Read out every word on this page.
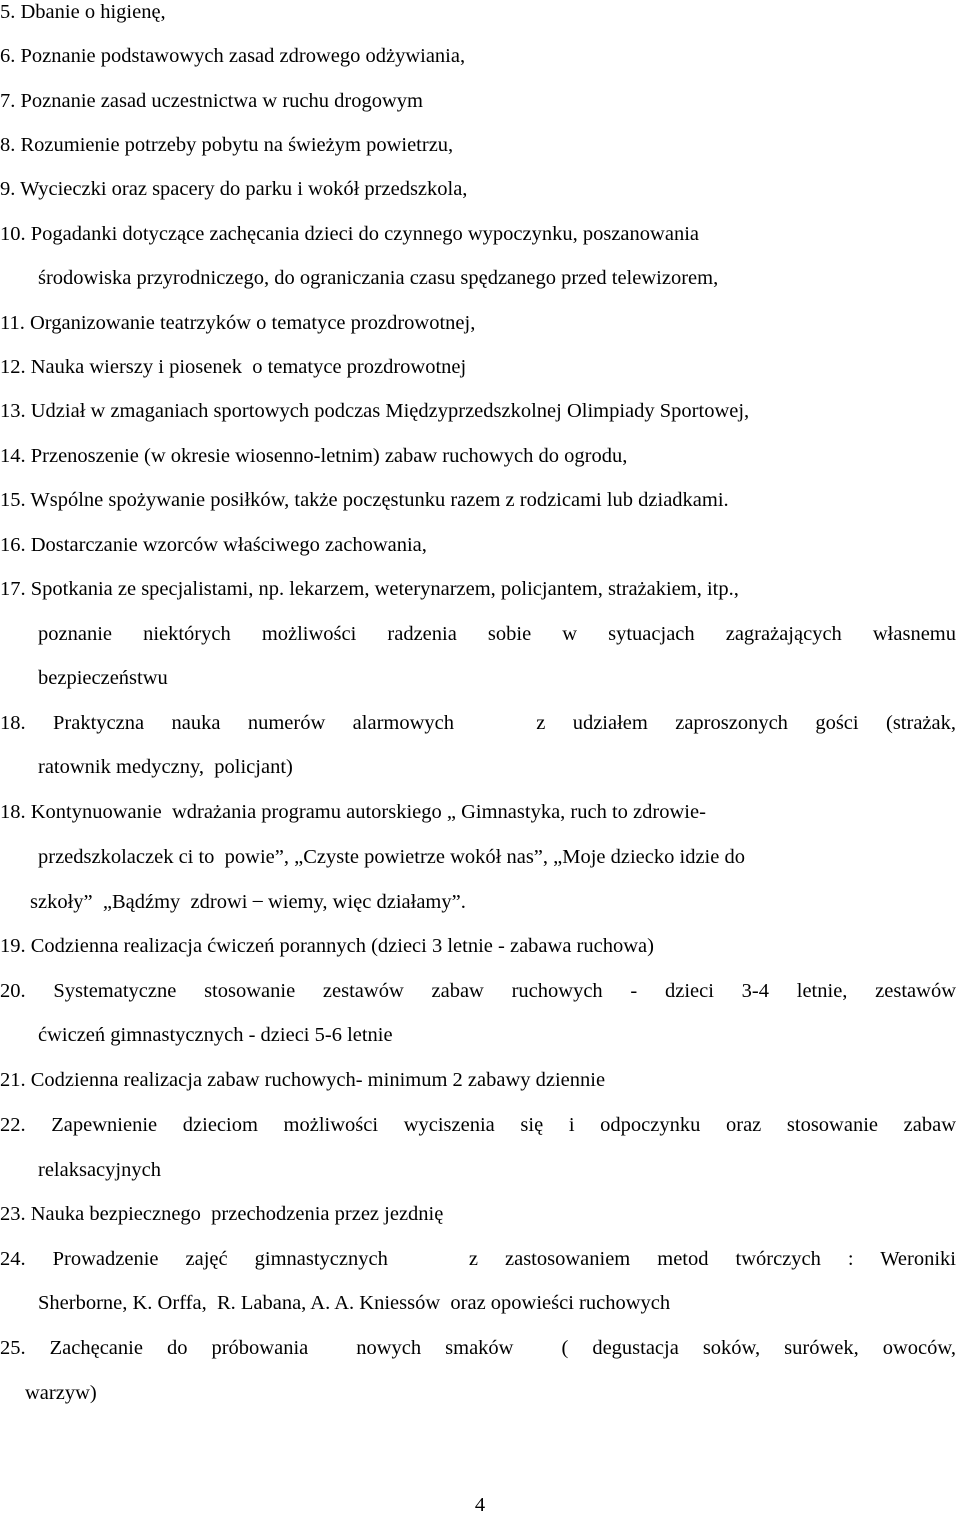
5. Dbanie o higienę,
6. Poznanie podstawowych zasad zdrowego odżywiania,
7. Poznanie zasad uczestnictwa w ruchu drogowym
8. Rozumienie potrzeby pobytu na świeżym powietrzu,
9. Wycieczki oraz spacery do parku i wokół przedszkola,
10. Pogadanki dotyczące zachęcania dzieci do czynnego wypoczynku, poszanowania
środowiska przyrodniczego, do ograniczania czasu spędzanego przed telewizorem,
11. Organizowanie teatrzyków o tematyce prozdrowotnej,
12. Nauka wierszy i piosenek  o tematyce prozdrowotnej
13. Udział w zmaganiach sportowych podczas Międzyprzedszkolnej Olimpiady Sportowej,
14. Przenoszenie (w okresie wiosenno-letnim) zabaw ruchowych do ogrodu,
15. Wspólne spożywanie posiłków, także poczęstunku razem z rodzicami lub dziadkami.
16. Dostarczanie wzorców właściwego zachowania,
17. Spotkania ze specjalistami, np. lekarzem, weterynarzem, policjantem, strażakiem, itp.,
poznanie niektórych możliwości radzenia sobie w sytuacjach zagrażających własnemu
bezpieczeństwu
18. Praktyczna nauka numerów alarmowych   z udziałem zaproszonych gości (strażak,
ratownik medyczny,  policjant)
18. Kontynuowanie  wdrażania programu autorskiego „ Gimnastyka, ruch to zdrowie-
przedszkolaczek ci to  powie”, „Czyste powietrze wokół nas”, „Moje dziecko idzie do
szkoły”  „Bądźmy  zdrowi  ̶  wiemy, więc działamy”.
19. Codzienna realizacja ćwiczeń porannych (dzieci 3 letnie - zabawa ruchowa)
20. Systematyczne stosowanie zestawów zabaw ruchowych - dzieci 3-4 letnie, zestawów
ćwiczeń gimnastycznych - dzieci 5-6 letnie
21. Codzienna realizacja zabaw ruchowych- minimum 2 zabawy dziennie
22. Zapewnienie dzieciom możliwości wyciszenia się i odpoczynku oraz stosowanie zabaw
relaksacyjnych
23. Nauka bezpiecznego  przechodzenia przez jezdnię
24. Prowadzenie zajęć gimnastycznych   z zastosowaniem metod twórczych : Weroniki
Sherborne, K. Orffa,  R. Labana, A. A. Kniessów  oraz opowieści ruchowych
25. Zachęcanie do próbowania  nowych smaków  ( degustacja soków, surówek, owoców,
warzyw)
4
